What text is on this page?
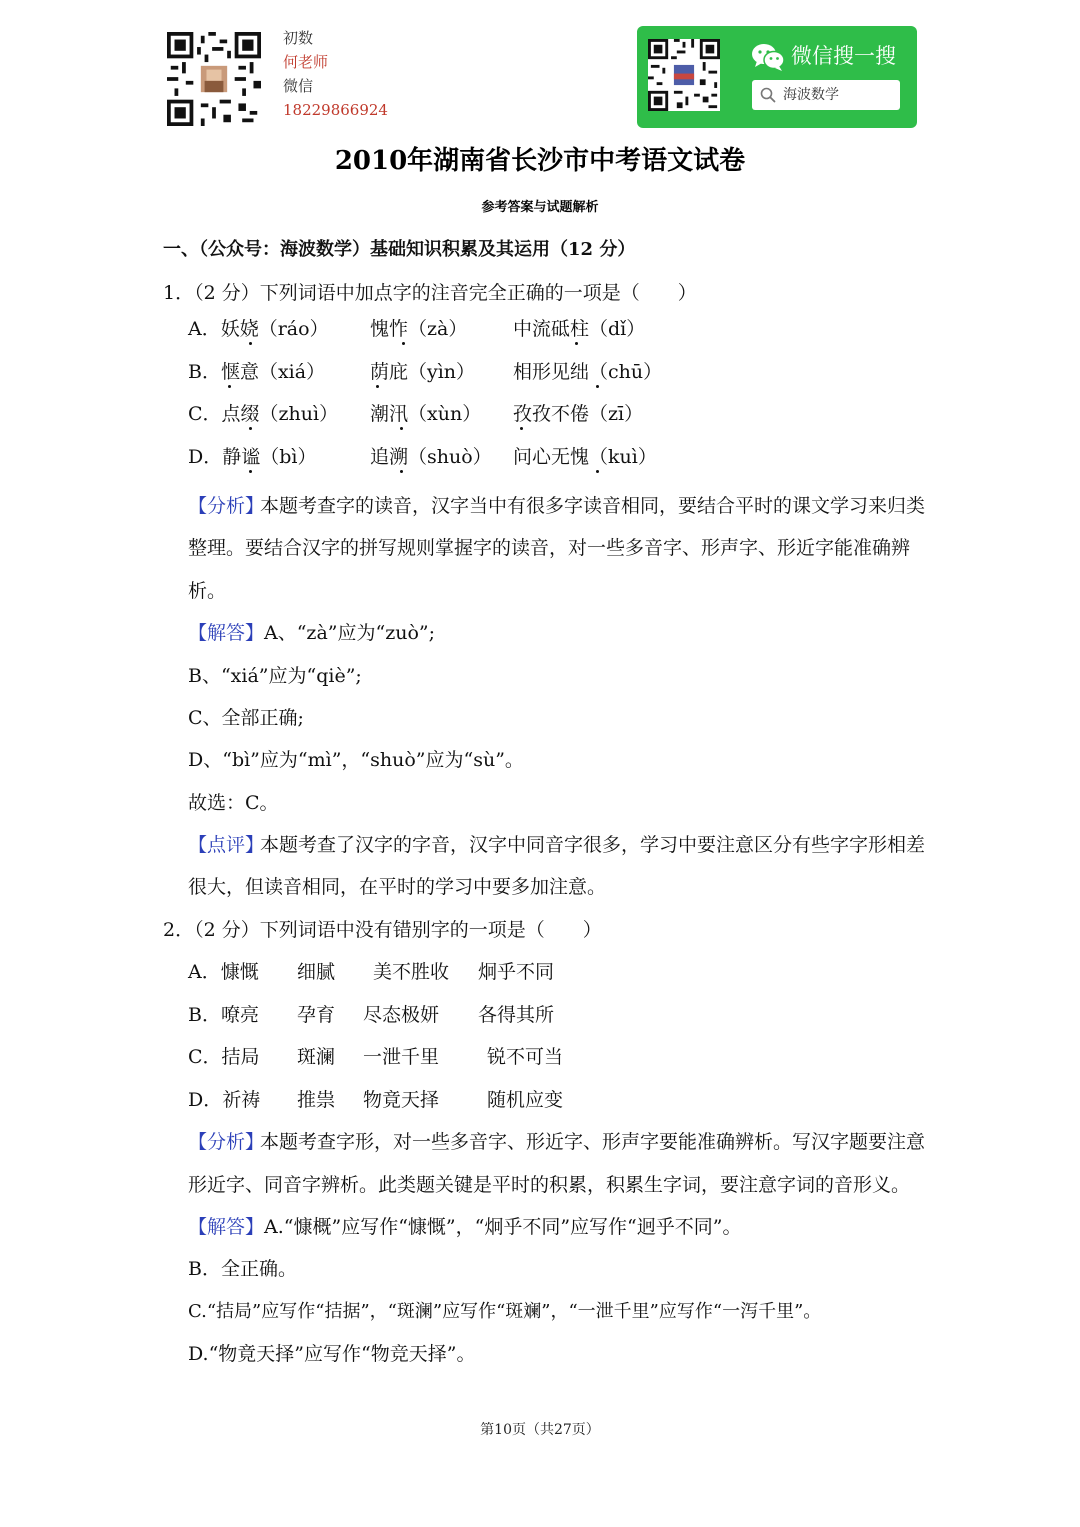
初数
何老师
微信
18229866924
微信搜一搜
海波数学
2010年湖南省长沙市中考语文试卷
参考答案与试题解析
一、（公众号：海波数学）基础知识积累及其运用（12 分）
1．（2 分）下列词语中加点字的注音完全正确的一项是（　　）
A．妖娆（ráo） 愧怍（zà） 中流砥柱（dǐ）
B．惬意（xiá） 荫庇（yìn） 相形见绌（chū）
C．点缀（zhuì） 潮汛（xùn） 孜孜不倦（zī）
D．静谧（bì）	追溯（shuò） 问心无愧（kuì）
【分析】
本题考查字的读音，汉字当中有很多字读音相同，要结合平时的课文学习来归类
整理。要结合汉字的拼写规则掌握字的读音，对一些多音字、形声字、形近字能准确辨
析。
【解答】 A、“zà”应为“zuò”;
B、“xiá”应为“qiè”;
C、全部正确;
D、“bì”应为“mì”，“shuò”应为“sù”。
故选：C。
【点评】
本题考查了汉字的字音，汉字中同音字很多，学习中要注意区分有些字字形相差
很大，但读音相同，在平时的学习中要多加注意。
2．（2 分）下列词语中没有错别字的一项是（　　）
A．慷慨 细腻 美不胜收 炯乎不同
B．嘹亮 孕育 尽态极妍 各得其所
C．拮局 斑澜 一泄千里	锐不可当
D．祈祷 推祟 物竟天择	随机应变
【分析】
本题考查字形，对一些多音字、形近字、形声字要能准确辨析。写汉字题要注意
形近字、同音字辨析。此类题关键是平时的积累，积累生字词，要注意字词的音形义。
【解答】 A.“慷概”应写作“慷慨”，“炯乎不同”应写作“迥乎不同”。
B．全正确。
C.“拮局”应写作“拮据”，“斑澜”应写作“斑斓”，“一泄千里”应写作“一泻千里”。
D.“物竟天择”应写作“物竞天择”。
第10页（共27页）
